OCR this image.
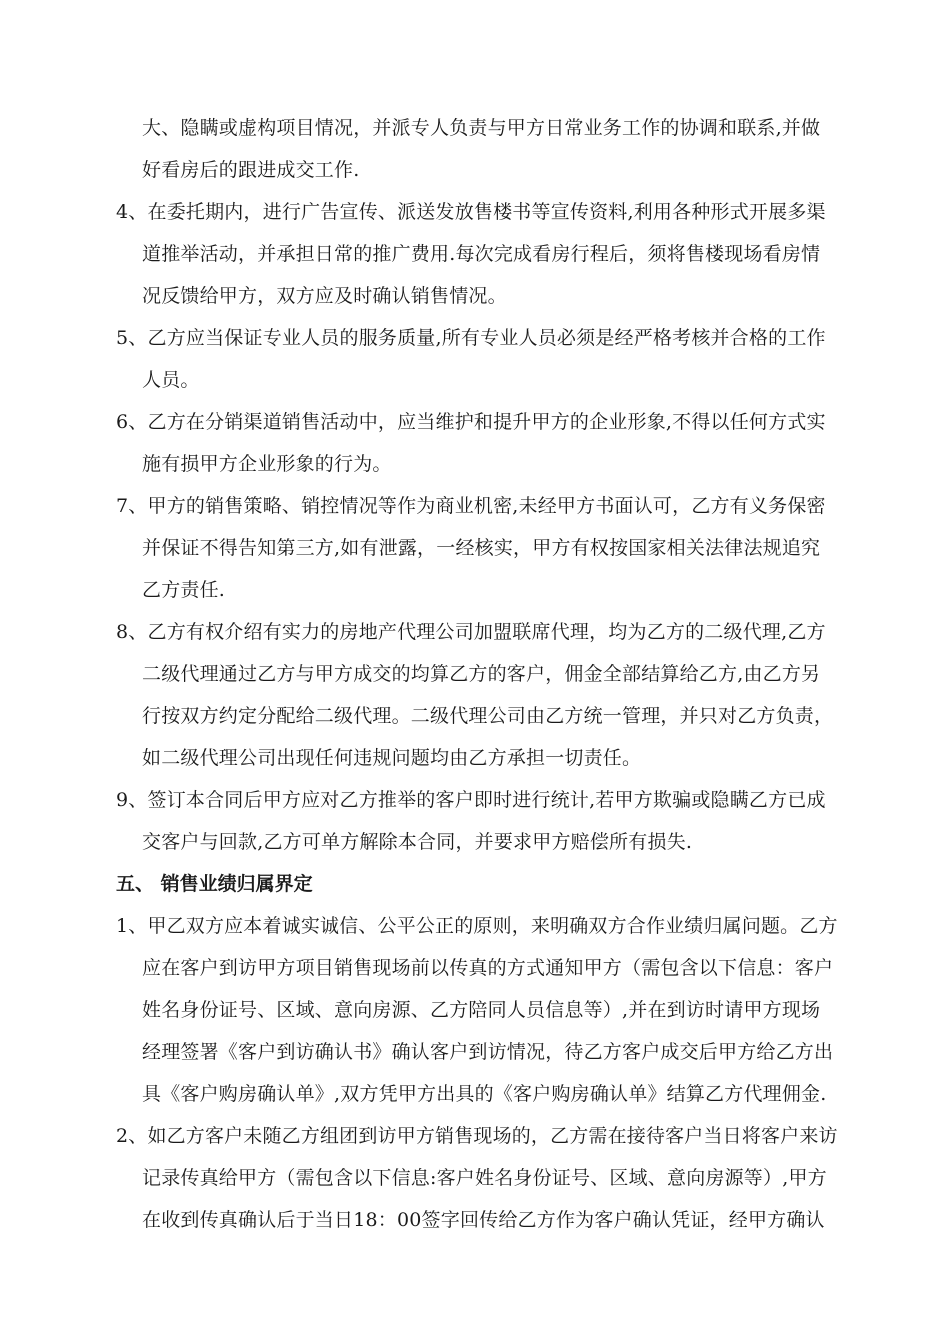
大、隐瞒或虚构项目情况，并派专人负责与甲方日常业务工作的协调和联系,并做
好看房后的跟进成交工作.
4、在委托期内，进行广告宣传、派送发放售楼书等宣传资料,利用各种形式开展多渠
道推举活动，并承担日常的推广费用.每次完成看房行程后，须将售楼现场看房情
况反馈给甲方，双方应及时确认销售情况。
5、乙方应当保证专业人员的服务质量,所有专业人员必须是经严格考核并合格的工作
人员。
6、乙方在分销渠道销售活动中，应当维护和提升甲方的企业形象,不得以任何方式实
施有损甲方企业形象的行为。
7、甲方的销售策略、销控情况等作为商业机密,未经甲方书面认可，乙方有义务保密
并保证不得告知第三方,如有泄露，一经核实，甲方有权按国家相关法律法规追究
乙方责任.
8、乙方有权介绍有实力的房地产代理公司加盟联席代理，均为乙方的二级代理,乙方
二级代理通过乙方与甲方成交的均算乙方的客户，佣金全部结算给乙方,由乙方另
行按双方约定分配给二级代理。二级代理公司由乙方统一管理，并只对乙方负责，
如二级代理公司出现任何违规问题均由乙方承担一切责任。
9、签订本合同后甲方应对乙方推举的客户即时进行统计,若甲方欺骗或隐瞒乙方已成
交客户与回款,乙方可单方解除本合同，并要求甲方赔偿所有损失.
五、 销售业绩归属界定
1、甲乙双方应本着诚实诚信、公平公正的原则，来明确双方合作业绩归属问题。乙方
应在客户到访甲方项目销售现场前以传真的方式通知甲方（需包含以下信息：客户
姓名身份证号、区域、意向房源、乙方陪同人员信息等）,并在到访时请甲方现场
经理签署《客户到访确认书》确认客户到访情况，待乙方客户成交后甲方给乙方出
具《客户购房确认单》,双方凭甲方出具的《客户购房确认单》结算乙方代理佣金.
2、如乙方客户未随乙方组团到访甲方销售现场的，乙方需在接待客户当日将客户来访
记录传真给甲方（需包含以下信息:客户姓名身份证号、区域、意向房源等）,甲方
在收到传真确认后于当日18：00签字回传给乙方作为客户确认凭证，经甲方确认
